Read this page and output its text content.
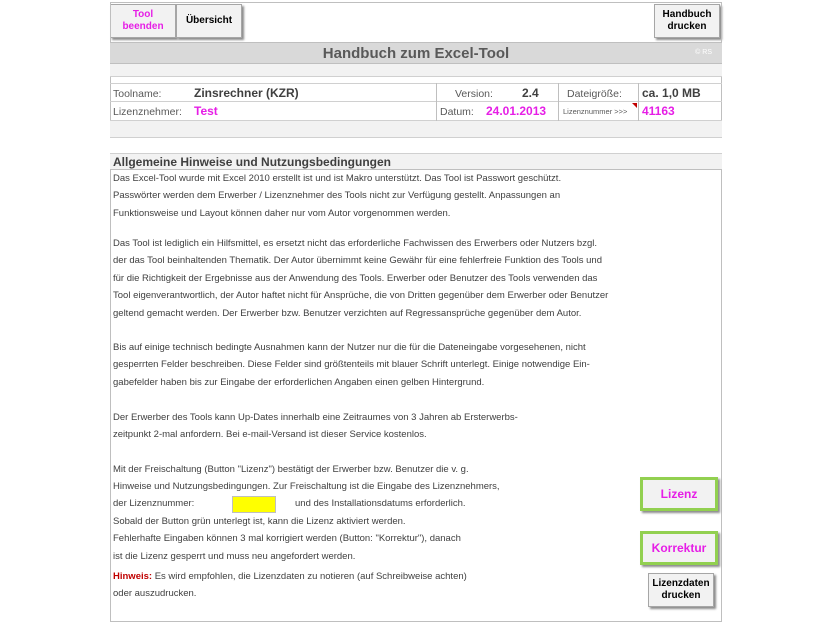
Tool
beenden
Übersicht
Handbuch
drucken
Handbuch zum Excel-Tool	© RS
Toolname:	Zinsrechner (KZR)	Version: 2.4	Dateigröße: ca. 1,0 MB
Lizenznehmer: Test	Datum: 24.01.2013 Lizenznummer >>> 41163
Allgemeine Hinweise und Nutzungsbedingungen
Das Excel-Tool wurde mit Excel 2010 erstellt ist und ist Makro unterstützt. Das Tool ist Passwort geschützt.
Passwörter werden dem Erwerber / Lizenznehmer des Tools nicht zur Verfügung gestellt. Anpassungen an
Funktionsweise und Layout können daher nur vom Autor vorgenommen werden.
Das Tool ist lediglich ein Hilfsmittel, es ersetzt nicht das erforderliche Fachwissen des Erwerbers oder Nutzers bzgl.
der das Tool beinhaltenden Thematik. Der Autor übernimmt keine Gewähr für eine fehlerfreie Funktion des Tools und
für die Richtigkeit der Ergebnisse aus der Anwendung des Tools. Erwerber oder Benutzer des Tools verwenden das
Tool eigenverantwortlich, der Autor haftet nicht für Ansprüche, die von Dritten gegenüber dem Erwerber oder Benutzer
geltend gemacht werden. Der Erwerber bzw. Benutzer verzichten auf Regressansprüche gegenüber dem Autor.
Bis auf einige technisch bedingte Ausnahmen kann der Nutzer nur die für die Dateneingabe vorgesehenen, nicht
gesperrten Felder beschreiben. Diese Felder sind größtenteils mit blauer Schrift unterlegt. Einige notwendige Ein-
gabefelder haben bis zur Eingabe der erforderlichen Angaben einen gelben Hintergrund.
Der Erwerber des Tools kann Up-Dates innerhalb eine Zeitraumes von 3 Jahren ab Ersterwerbs-
zeitpunkt 2-mal anfordern. Bei e-mail-Versand ist dieser Service kostenlos.
Mit der Freischaltung (Button "Lizenz") bestätigt der Erwerber bzw. Benutzer die v. g.
Hinweise und Nutzungsbedingungen. Zur Freischaltung ist die Eingabe des Lizenznehmers,
der Lizenznummer:	und des Installationsdatums erforderlich.
Sobald der Button grün unterlegt ist, kann die Lizenz aktiviert werden.
Fehlerhafte Eingaben können 3 mal korrigiert werden (Button: "Korrektur"), danach
ist die Lizenz gesperrt und muss neu angefordert werden.
Hinweis: Es wird empfohlen, die Lizenzdaten zu notieren (auf Schreibweise achten)
oder auszudrucken.
Lizenz
Korrektur
Lizenzdaten
drucken
